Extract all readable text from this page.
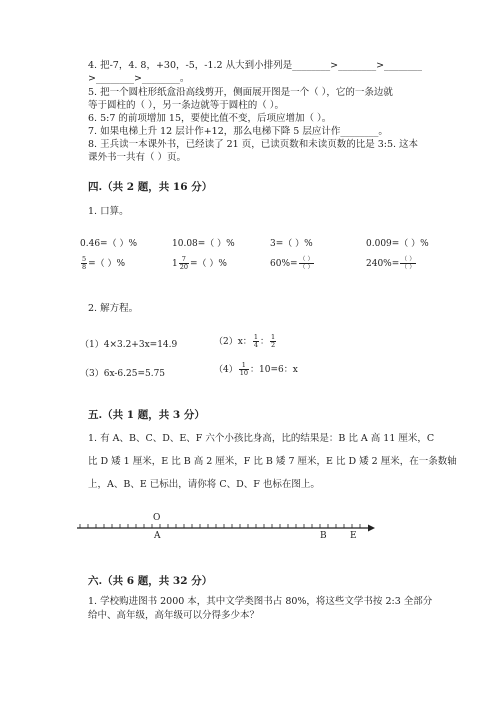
4. 把-7，4. 8，+30，-5，-1.2 从大到小排列是________>________>________
>________>________。
5. 把一个圆柱形纸盒沿高线剪开，侧面展开图是一个（ ），它的一条边就
等于圆柱的（ ），另一条边就等于圆柱的（ ）。
6. 5:7 的前项增加 15，要使比值不变，后项应增加（ ）。
7. 如果电梯上升 12 层计作+12，那么电梯下降 5 层应计作________。
8. 王兵读一本课外书，已经读了 21 页，已读页数和未读页数的比是 3:5. 这本
课外书一共有（ ）页。
四.（共 2 题，共 16 分）
1. 口算。
0.46=（ ）%	10.08=（ ）%	3=（ ）%	0.009=（ ）%
$\frac{5}{8}$ =（ ）%	$1 \frac{7}{20}$ =（ ）%	$60\%= \frac{( )}{( )}$	$240\%= \frac{( )}{( )}$
2. 解方程。
（1）4×3.2+3x=14.9	（2）x： $\frac{1}{4}$ ： $\frac{1}{2}$
（3）6x-6.25=5.75	$(4) \frac{1}{10}$ ：10=6：x
五.（共 1 题，共 3 分）
1. 有 A、B、C、D、E、F 六个小孩比身高，比的结果是：B 比 A 高 11 厘米，C
比 D 矮 1 厘米，E 比 B 高 2 厘米，F 比 B 矮 7 厘米，E 比 D 矮 2 厘米，在一条数轴
上，A、B、E 已标出，请你将 C、D、F 也标在图上。
O
A	B	E
六.（共 6 题，共 32 分）
1. 学校购进图书 2000 本，其中文学类图书占 80%，将这些文学书按 2:3 全部分
给中、高年级，高年级可以分得多少本？
